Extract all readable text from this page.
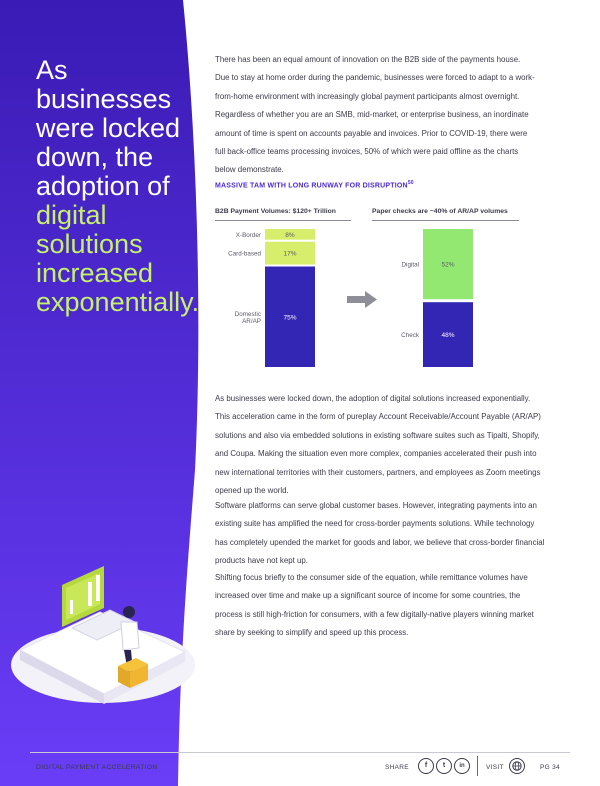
As businesses
were locked
down, the
adoption of
digital solutions
increased
exponentially.
There has been an equal amount of innovation on the B2B side of the payments house.
Due to stay at home order during the pandemic, businesses were forced to adapt to a work-
from-home environment with increasingly global payment participants almost overnight.
Regardless of whether you are an SMB, mid-market, or enterprise business, an inordinate
amount of time is spent on accounts payable and invoices. Prior to COVID-19, there were
full back-office teams processing invoices, 50% of which were paid offline as the charts
below demonstrate.
MASSIVE TAM WITH LONG RUNWAY FOR DISRUPTION$^{50}$
B2B Payment Volumes: $120+ Trillion	Paper checks are ~40% of AR/AP volumes
8%
X-Border
17%
Card-based
75%
Domestic
AR/AP
52%
Digital
48%
Check
As businesses were locked down, the adoption of digital solutions increased exponentially.
This acceleration came in the form of pureplay Account Receivable/Account Payable (AR/AP)
solutions and also via embedded solutions in existing software suites such as Tipalti, Shopify,
and Coupa. Making the situation even more complex, companies accelerated their push into
new international territories with their customers, partners, and employees as Zoom meetings
opened up the world.
Software platforms can serve global customer bases. However, integrating payments into an
existing suite has amplified the need for cross-border payments solutions. While technology
has completely upended the market for goods and labor, we believe that cross-border financial
products have not kept up.
Shifting focus briefly to the consumer side of the equation, while remittance volumes have
increased over time and make up a significant source of income for some countries, the
process is still high-friction for consumers, with a few digitally-native players winning market
share by seeking to simplify and speed up this process.
DIGITAL PAYMENT ACCELERATION	SHARE	f	t	in	VISIT	PG 34
